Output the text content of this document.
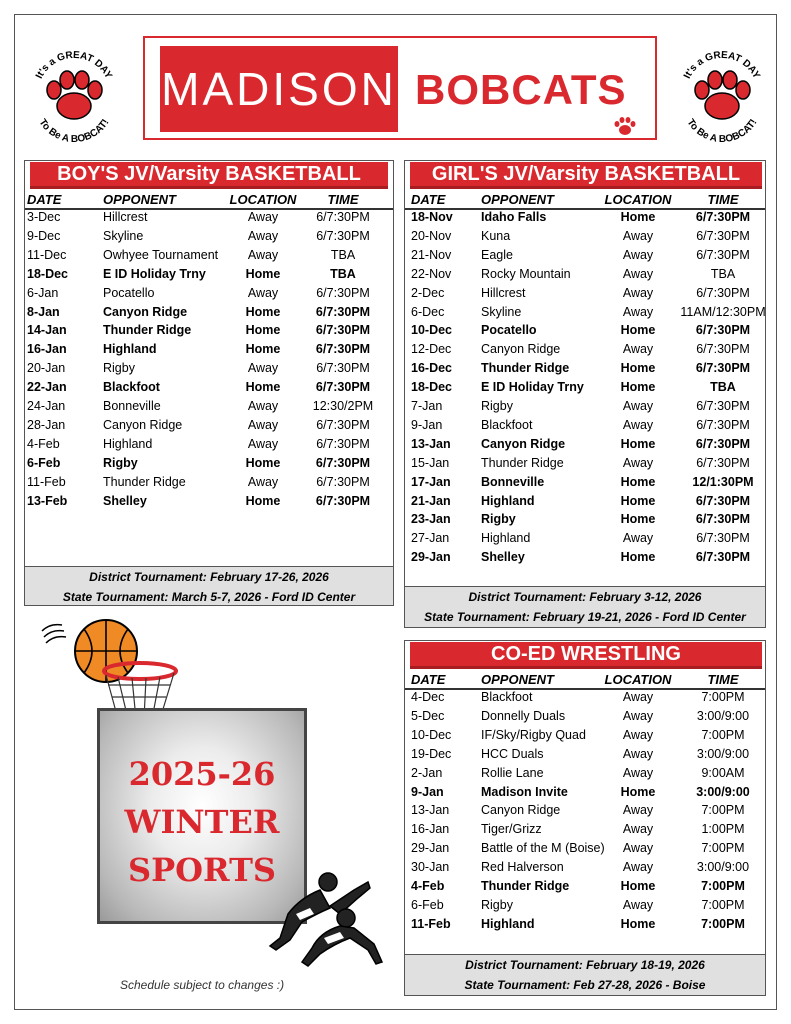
It's a GREAT DAY
To Be A BOBCAT!
It's a GREAT DAY
To Be A BOBCAT!
MADISON BOBCATS
BOY'S JV/Varsity BASKETBALL
DATE	OPPONENT	LOCATION	TIME
3-Dec	Hillcrest	Away	6/7:30PM
9-Dec	Skyline	Away	6/7:30PM
11-Dec	Owhyee Tournament	Away	TBA
18-Dec	E ID Holiday Trny	Home	TBA
6-Jan	Pocatello	Away	6/7:30PM
8-Jan	Canyon Ridge	Home	6/7:30PM
14-Jan	Thunder Ridge	Home	6/7:30PM
16-Jan	Highland	Home	6/7:30PM
20-Jan	Rigby	Away	6/7:30PM
22-Jan	Blackfoot	Home	6/7:30PM
24-Jan	Bonneville	Away	12:30/2PM
28-Jan	Canyon Ridge	Away	6/7:30PM
4-Feb	Highland	Away	6/7:30PM
6-Feb	Rigby	Home	6/7:30PM
11-Feb	Thunder Ridge	Away	6/7:30PM
13-Feb	Shelley	Home	6/7:30PM
District Tournament: February 17-26, 2026
State Tournament: March 5-7, 2026 - Ford ID Center
GIRL'S JV/Varsity BASKETBALL
DATE	OPPONENT	LOCATION	TIME
18-Nov Idaho Falls	Home	6/7:30PM
20-Nov Kuna	Away	6/7:30PM
21-Nov Eagle	Away	6/7:30PM
22-Nov Rocky Mountain	Away	TBA
2-Dec	Hillcrest	Away	6/7:30PM
6-Dec	Skyline	Away	11AM/12:30PM
10-Dec Pocatello	Home	6/7:30PM
12-Dec Canyon Ridge	Away	6/7:30PM
16-Dec Thunder Ridge	Home	6/7:30PM
18-Dec E ID Holiday Trny	Home	TBA
7-Jan	Rigby	Away	6/7:30PM
9-Jan	Blackfoot	Away	6/7:30PM
13-Jan Canyon Ridge	Home	6/7:30PM
15-Jan	Thunder Ridge	Away	6/7:30PM
17-Jan Bonneville	Home	12/1:30PM
21-Jan Highland	Home	6/7:30PM
23-Jan Rigby	Home	6/7:30PM
27-Jan	Highland	Away	6/7:30PM
29-Jan Shelley	Home	6/7:30PM
District Tournament: February 3-12, 2026
State Tournament: February 19-21, 2026 - Ford ID Center
CO-ED WRESTLING
DATE	OPPONENT	LOCATION	TIME
4-Dec	Blackfoot	Away	7:00PM
5-Dec	Donnelly Duals	Away	3:00/9:00
10-Dec IF/Sky/Rigby Quad	Away	7:00PM
19-Dec HCC Duals	Away	3:00/9:00
2-Jan	Rollie Lane	Away	9:00AM
9-Jan	Madison Invite	Home	3:00/9:00
13-Jan	Canyon Ridge	Away	7:00PM
16-Jan	Tiger/Grizz	Away	1:00PM
29-Jan	Battle of the M (Boise)	Away	7:00PM
30-Jan	Red Halverson	Away	3:00/9:00
4-Feb	Thunder Ridge	Home	7:00PM
6-Feb	Rigby	Away	7:00PM
11-Feb Highland	Home	7:00PM
District Tournament: February 18-19, 2026
State Tournament: Feb 27-28, 2026 - Boise
2025-26
WINTER
SPORTS
Schedule subject to changes :)
